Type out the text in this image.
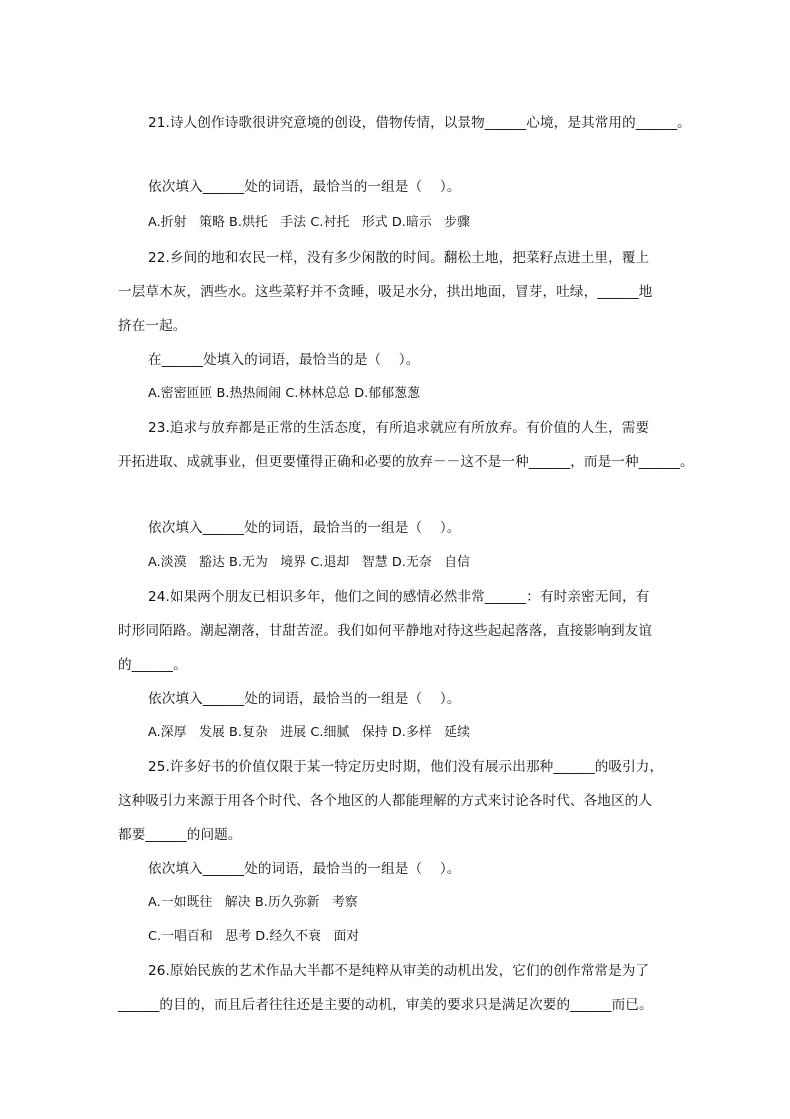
21.诗人创作诗歌很讲究意境的创设，借物传情，以景物______心境，是其常用的______。
依次填入______处的词语，最恰当的一组是（    ）。
A.折射   策略 B.烘托   手法 C.衬托   形式 D.暗示   步骤
22.乡间的地和农民一样，没有多少闲散的时间。翻松土地，把菜籽点进土里，覆上
一层草木灰，洒些水。这些菜籽并不贪睡，吸足水分，拱出地面，冒芽，吐绿，______地
挤在一起。
在______处填入的词语，最恰当的是（    ）。
A.密密匝匝 B.热热闹闹 C.林林总总 D.郁郁葱葱
23.追求与放弃都是正常的生活态度，有所追求就应有所放弃。有价值的人生，需要
开拓进取、成就事业，但更要懂得正确和必要的放弃－－这不是一种______，而是一种______。
依次填入______处的词语，最恰当的一组是（    ）。
A.淡漠   豁达 B.无为   境界 C.退却   智慧 D.无奈   自信
24.如果两个朋友已相识多年，他们之间的感情必然非常______：有时亲密无间，有
时形同陌路。潮起潮落，甘甜苦涩。我们如何平静地对待这些起起落落，直接影响到友谊
的______。
依次填入______处的词语，最恰当的一组是（    ）。
A.深厚   发展 B.复杂   进展 C.细腻   保持 D.多样   延续
25.许多好书的价值仅限于某一特定历史时期，他们没有展示出那种______的吸引力，
这种吸引力来源于用各个时代、各个地区的人都能理解的方式来讨论各时代、各地区的人
都要______的问题。
依次填入______处的词语，最恰当的一组是（    ）。
A.一如既往   解决 B.历久弥新   考察
C.一唱百和   思考 D.经久不衰   面对
26.原始民族的艺术作品大半都不是纯粹从审美的动机出发，它们的创作常常是为了
______的目的，而且后者往往还是主要的动机，审美的要求只是满足次要的______而已。
